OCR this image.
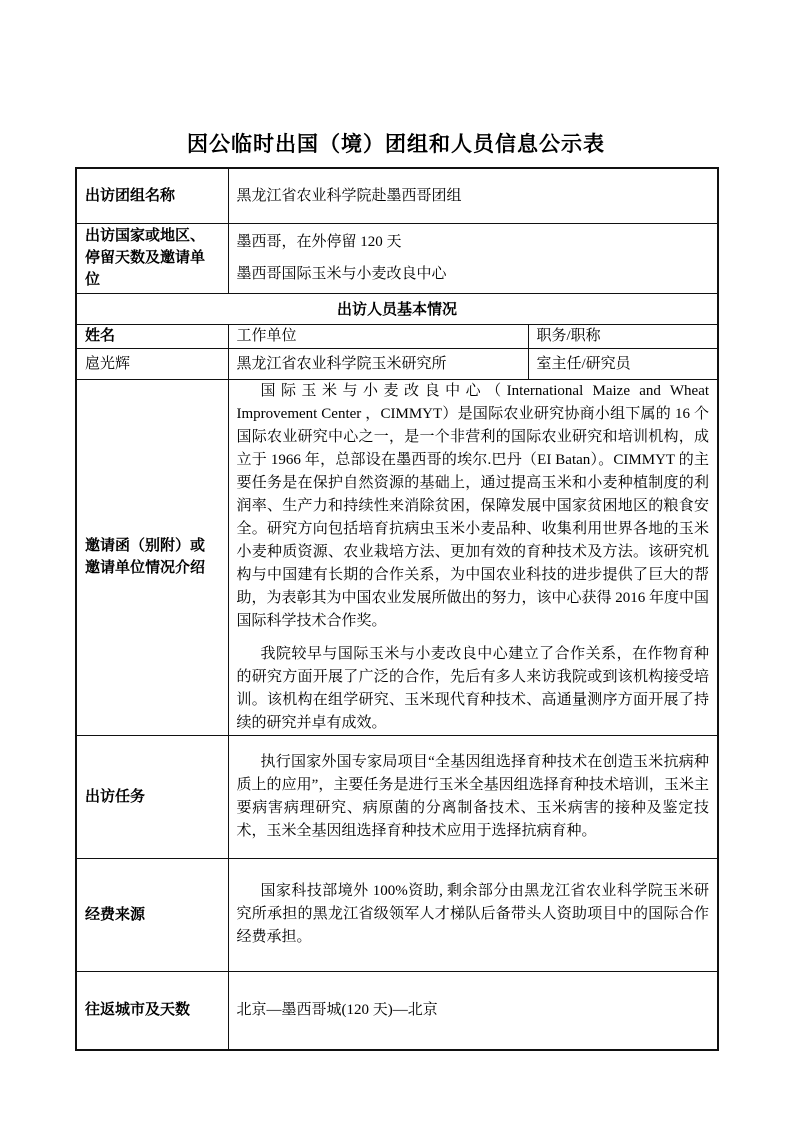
因公临时出国（境）团组和人员信息公示表
出访团组名称	黑龙江省农业科学院赴墨西哥团组	
出访国家或地区、停留天数及邀请单位	墨西哥，在外停留 120 天
墨西哥国际玉米与小麦改良中心	

出访人员基本情况		
姓名	工作单位	职务/职称
扈光辉	黑龙江省农业科学院玉米研究所	室主任/研究员
邀请函（别附）或邀请单位情况介绍	国际玉米与小麦改良中心（International Maize and Wheat Improvement Center ，CIMMYT）是国际农业研究协商小组下属的 16 个国际农业研究中心之一，是一个非营利的国际农业研究和培训机构，成立于 1966 年，总部设在墨西哥的埃尔.巴丹（EI Batan）。CIMMYT 的主要任务是在保护自然资源的基础上，通过提高玉米和小麦种植制度的利润率、生产力和持续性来消除贫困，保障发展中国家贫困地区的粮食安全。研究方向包括培育抗病虫玉米小麦品种、收集利用世界各地的玉米小麦种质资源、农业栽培方法、更加有效的育种技术及方法。该研究机构与中国建有长期的合作关系，为中国农业科技的进步提供了巨大的帮助，为表彰其为中国农业发展所做出的努力，该中心获得 2016 年度中国国际科学技术合作奖。

我院较早与国际玉米与小麦改良中心建立了合作关系，在作物育种的研究方面开展了广泛的合作，先后有多人来访我院或到该机构接受培训。该机构在组学研究、玉米现代育种技术、高通量测序方面开展了持续的研究并卓有成效。	

出访任务	执行国家外国专家局项目“全基因组选择育种技术在创造玉米抗病种质上的应用”，主要任务是进行玉米全基因组选择育种技术培训，玉米主要病害病理研究、病原菌的分离制备技术、玉米病害的接种及鉴定技术，玉米全基因组选择育种技术应用于选择抗病育种。	

经费来源	国家科技部境外 100%资助, 剩余部分由黑龙江省农业科学院玉米研究所承担的黑龙江省级领军人才梯队后备带头人资助项目中的国际合作经费承担。	

往返城市及天数	北京—墨西哥城(120 天)—北京	
